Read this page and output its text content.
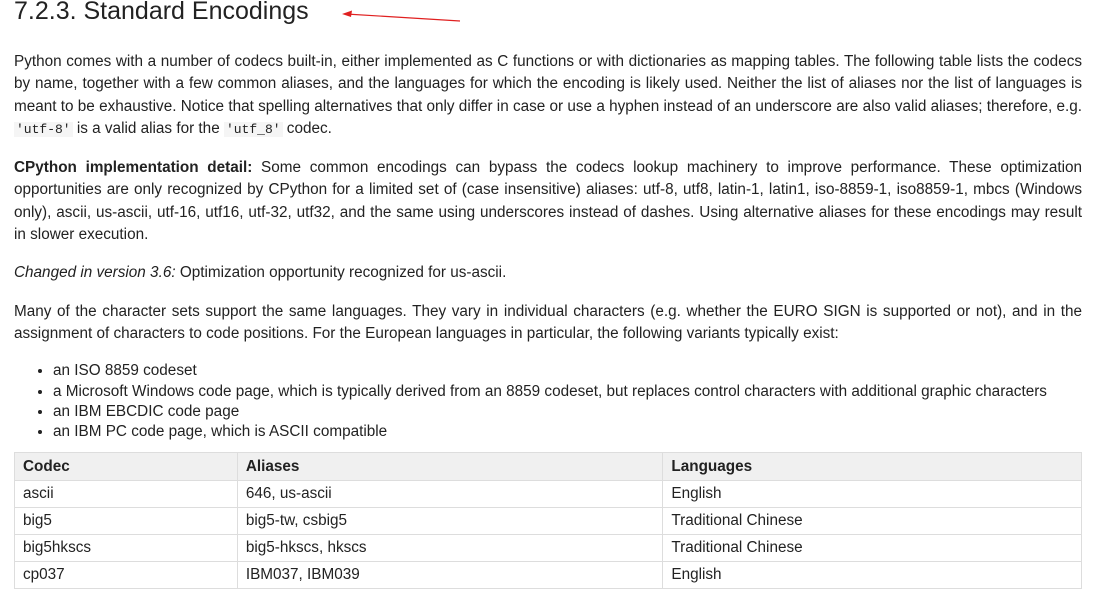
7.2.3. Standard Encodings

Python comes with a number of codecs built-in, either implemented as C functions or with dictionaries as mapping tables. The following table lists the codecs by name, together with a few common aliases, and the languages for which the encoding is likely used. Neither the list of aliases nor the list of languages is meant to be exhaustive. Notice that spelling alternatives that only differ in case or use a hyphen instead of an underscore are also valid aliases; therefore, e.g. 'utf-8' is a valid alias for the 'utf_8' codec.

CPython implementation detail: Some common encodings can bypass the codecs lookup machinery to improve performance. These optimization opportunities are only recognized by CPython for a limited set of (case insensitive) aliases: utf-8, utf8, latin-1, latin1, iso-8859-1, iso8859-1, mbcs (Windows only), ascii, us-ascii, utf-16, utf16, utf-32, utf32, and the same using underscores instead of dashes. Using alternative aliases for these encodings may result in slower execution.

Changed in version 3.6: Optimization opportunity recognized for us-ascii.

Many of the character sets support the same languages. They vary in individual characters (e.g. whether the EURO SIGN is supported or not), and in the assignment of characters to code positions. For the European languages in particular, the following variants typically exist:

• an ISO 8859 codeset
• a Microsoft Windows code page, which is typically derived from an 8859 codeset, but replaces control characters with additional graphic characters
• an IBM EBCDIC code page
• an IBM PC code page, which is ASCII compatible
Codec	Aliases	Languages
ascii	646, us-ascii	English
big5	big5-tw, csbig5	Traditional Chinese
big5hkscs	big5-hkscs, hkscs	Traditional Chinese
cp037	IBM037, IBM039	English
